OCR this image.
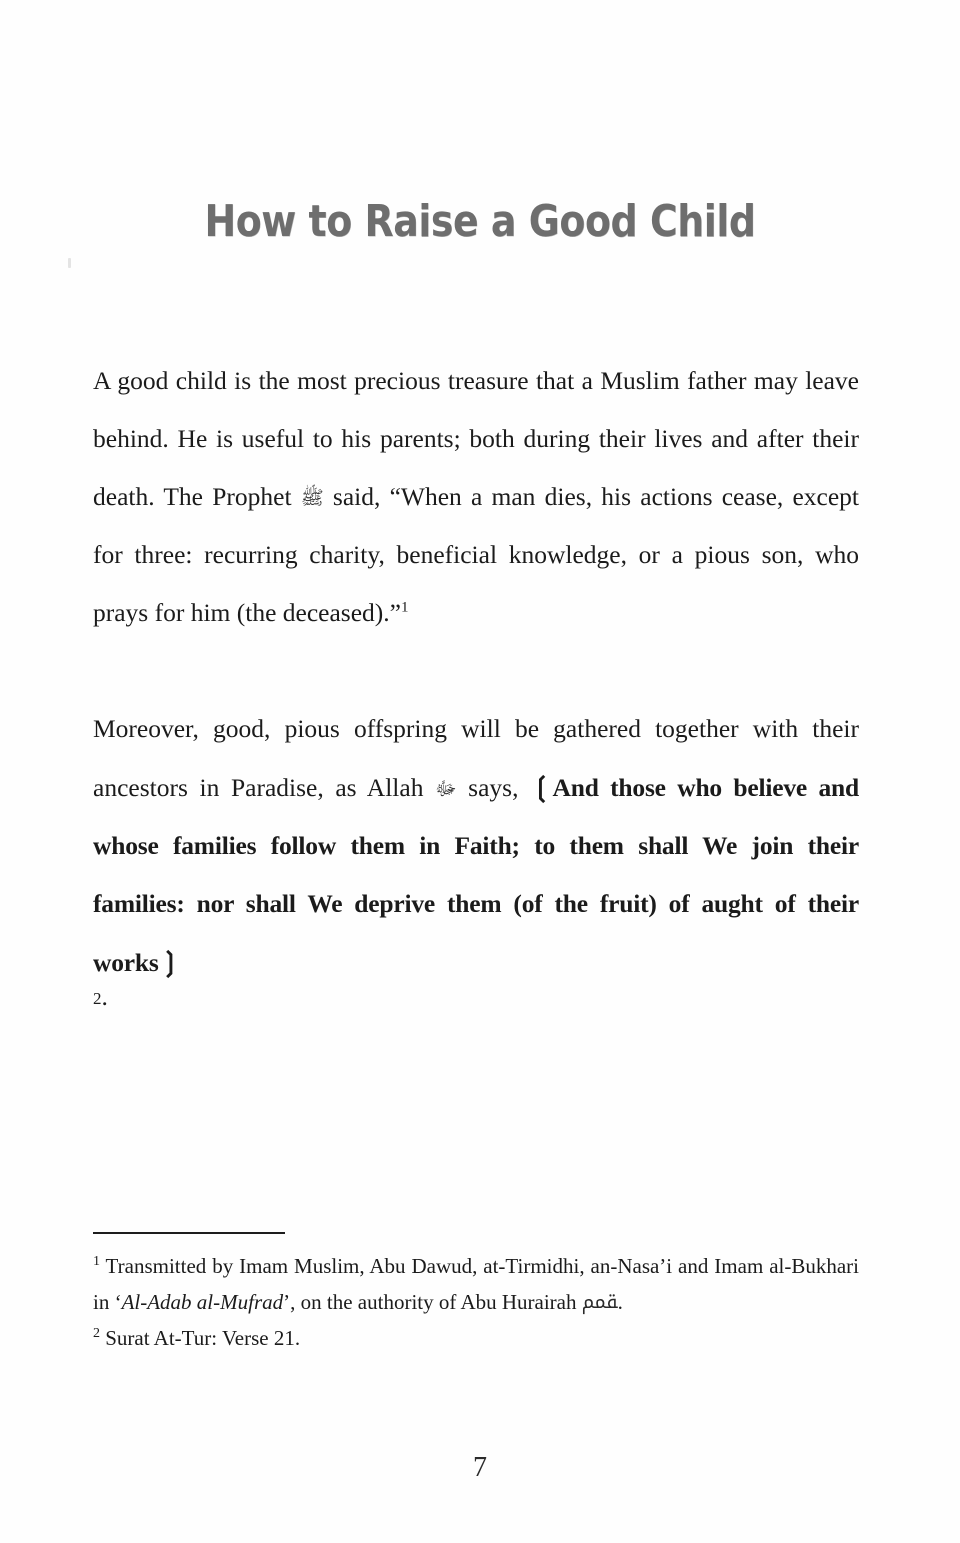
How to Raise a Good Child

A good child is the most precious treasure that a Muslim father may leave behind. He is useful to his parents; both during their lives and after their death. The Prophet ﷺ said, “When a man dies, his actions cease, except for three: recurring charity, beneficial knowledge, or a pious son, who prays for him (the deceased).”$^1$

Moreover, good, pious offspring will be gathered together with their ancestors in Paradise, as Allah ﷻ says, ❲And those who believe and whose families follow them in Faith; to them shall We join their families: nor shall We deprive them (of the fruit) of aught of their works❳
2.

$^1$ Transmitted by Imam Muslim, Abu Dawud, at-Tirmidhi, an-Nasa’i and Imam al-Bukhari in ‘Al-Adab al-Mufrad’, on the authority of Abu Hurairah ﵿ.

$^2$ Surat At-Tur: Verse 21.

7
